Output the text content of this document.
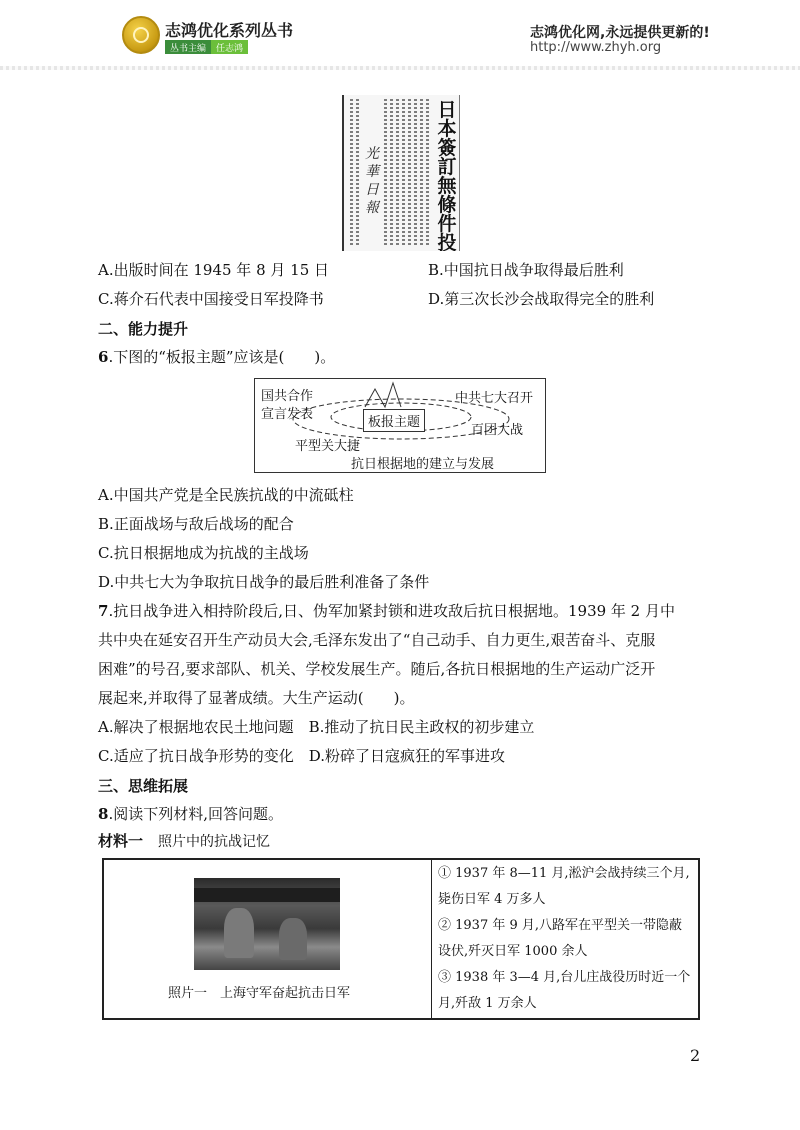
志鸿优化系列丛书
丛书主编	任志鸿
志鸿优化网,永远提供更新的!
http://www.zhyh.org
日
本
簽
訂
無
條
件
投
光
華
日
報
A.出版时间在 1945 年 8 月 15 日	B.中国抗日战争取得最后胜利
C.蒋介石代表中国接受日军投降书	D.第三次长沙会战取得完全的胜利
二、能力提升
6.下图的“板报主题”应该是(　　)。
国共合作
宣言发表
板报主题
中共七大召开
百团大战
平型关大捷
抗日根据地的建立与发展
A.中国共产党是全民族抗战的中流砥柱
B.正面战场与敌后战场的配合
C.抗日根据地成为抗战的主战场
D.中共七大为争取抗日战争的最后胜利准备了条件
7.抗日战争进入相持阶段后,日、伪军加紧封锁和进攻敌后抗日根据地。1939 年 2 月中
共中央在延安召开生产动员大会,毛泽东发出了“自己动手、自力更生,艰苦奋斗、克服
困难”的号召,要求部队、机关、学校发展生产。随后,各抗日根据地的生产运动广泛开
展起来,并取得了显著成绩。大生产运动(　　)。
A.解决了根据地农民土地问题　B.推动了抗日民主政权的初步建立
C.适应了抗日战争形势的变化　D.粉碎了日寇疯狂的军事进攻
三、思维拓展
8.阅读下列材料,回答问题。
材料一　 照片中的抗战记忆
照片一　上海守军奋起抗击日军
① 1937 年 8—11 月,淞沪会战持续三个月,
毙伤日军 4 万多人
② 1937 年 9 月,八路军在平型关一带隐蔽
设伏,歼灭日军 1000 余人
③ 1938 年 3—4 月,台儿庄战役历时近一个
月,歼敌 1 万余人
2
